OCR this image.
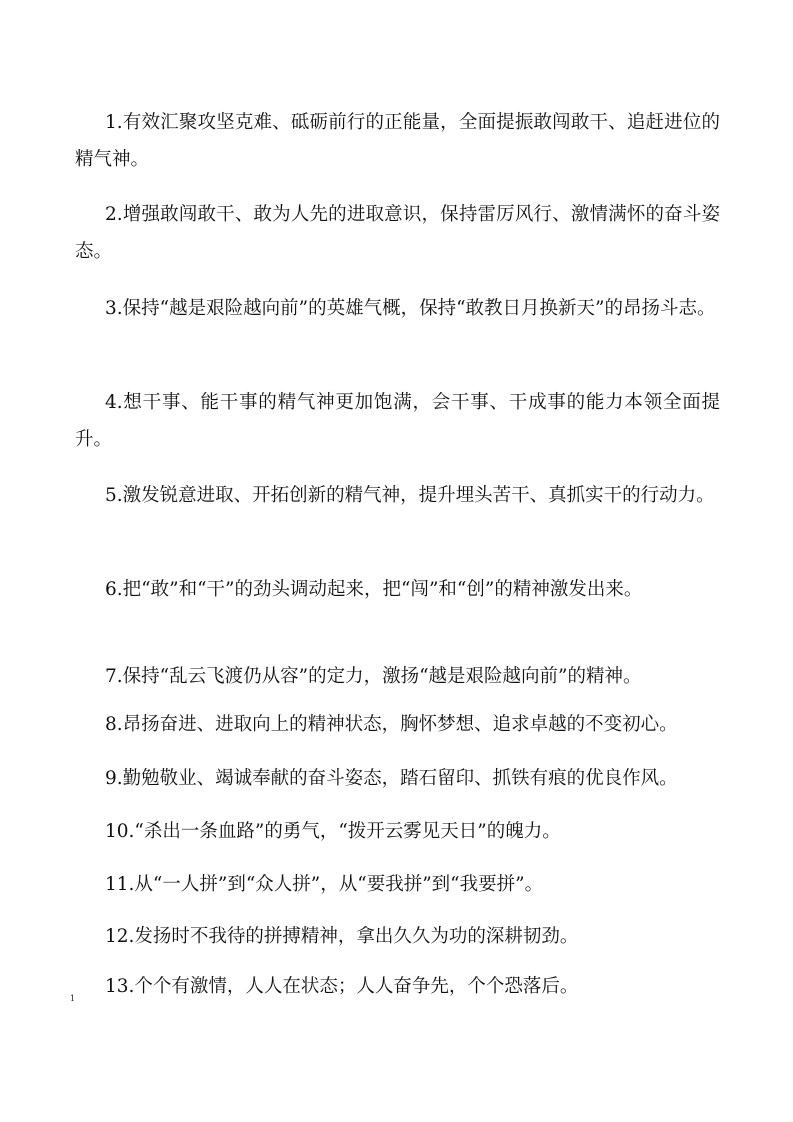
1.有效汇聚攻坚克难、砥砺前行的正能量，全面提振敢闯敢干、追赶进位的精气神。

2.增强敢闯敢干、敢为人先的进取意识，保持雷厉风行、激情满怀的奋斗姿态。

3.保持“越是艰险越向前”的英雄气概，保持“敢教日月换新天”的昂扬斗志。

4.想干事、能干事的精气神更加饱满，会干事、干成事的能力本领全面提升。

5.激发锐意进取、开拓创新的精气神，提升埋头苦干、真抓实干的行动力。

6.把“敢”和“干”的劲头调动起来，把“闯”和“创”的精神激发出来。

7.保持“乱云飞渡仍从容”的定力，激扬“越是艰险越向前”的精神。

8.昂扬奋进、进取向上的精神状态，胸怀梦想、追求卓越的不变初心。

9.勤勉敬业、竭诚奉献的奋斗姿态，踏石留印、抓铁有痕的优良作风。

10.“杀出一条血路”的勇气，“拨开云雾见天日”的魄力。

11.从“一人拼”到“众人拼”，从“要我拼”到“我要拼”。

12.发扬时不我待的拼搏精神，拿出久久为功的深耕韧劲。

13.个个有激情，人人在状态；人人奋争先，个个恐落后。

1
